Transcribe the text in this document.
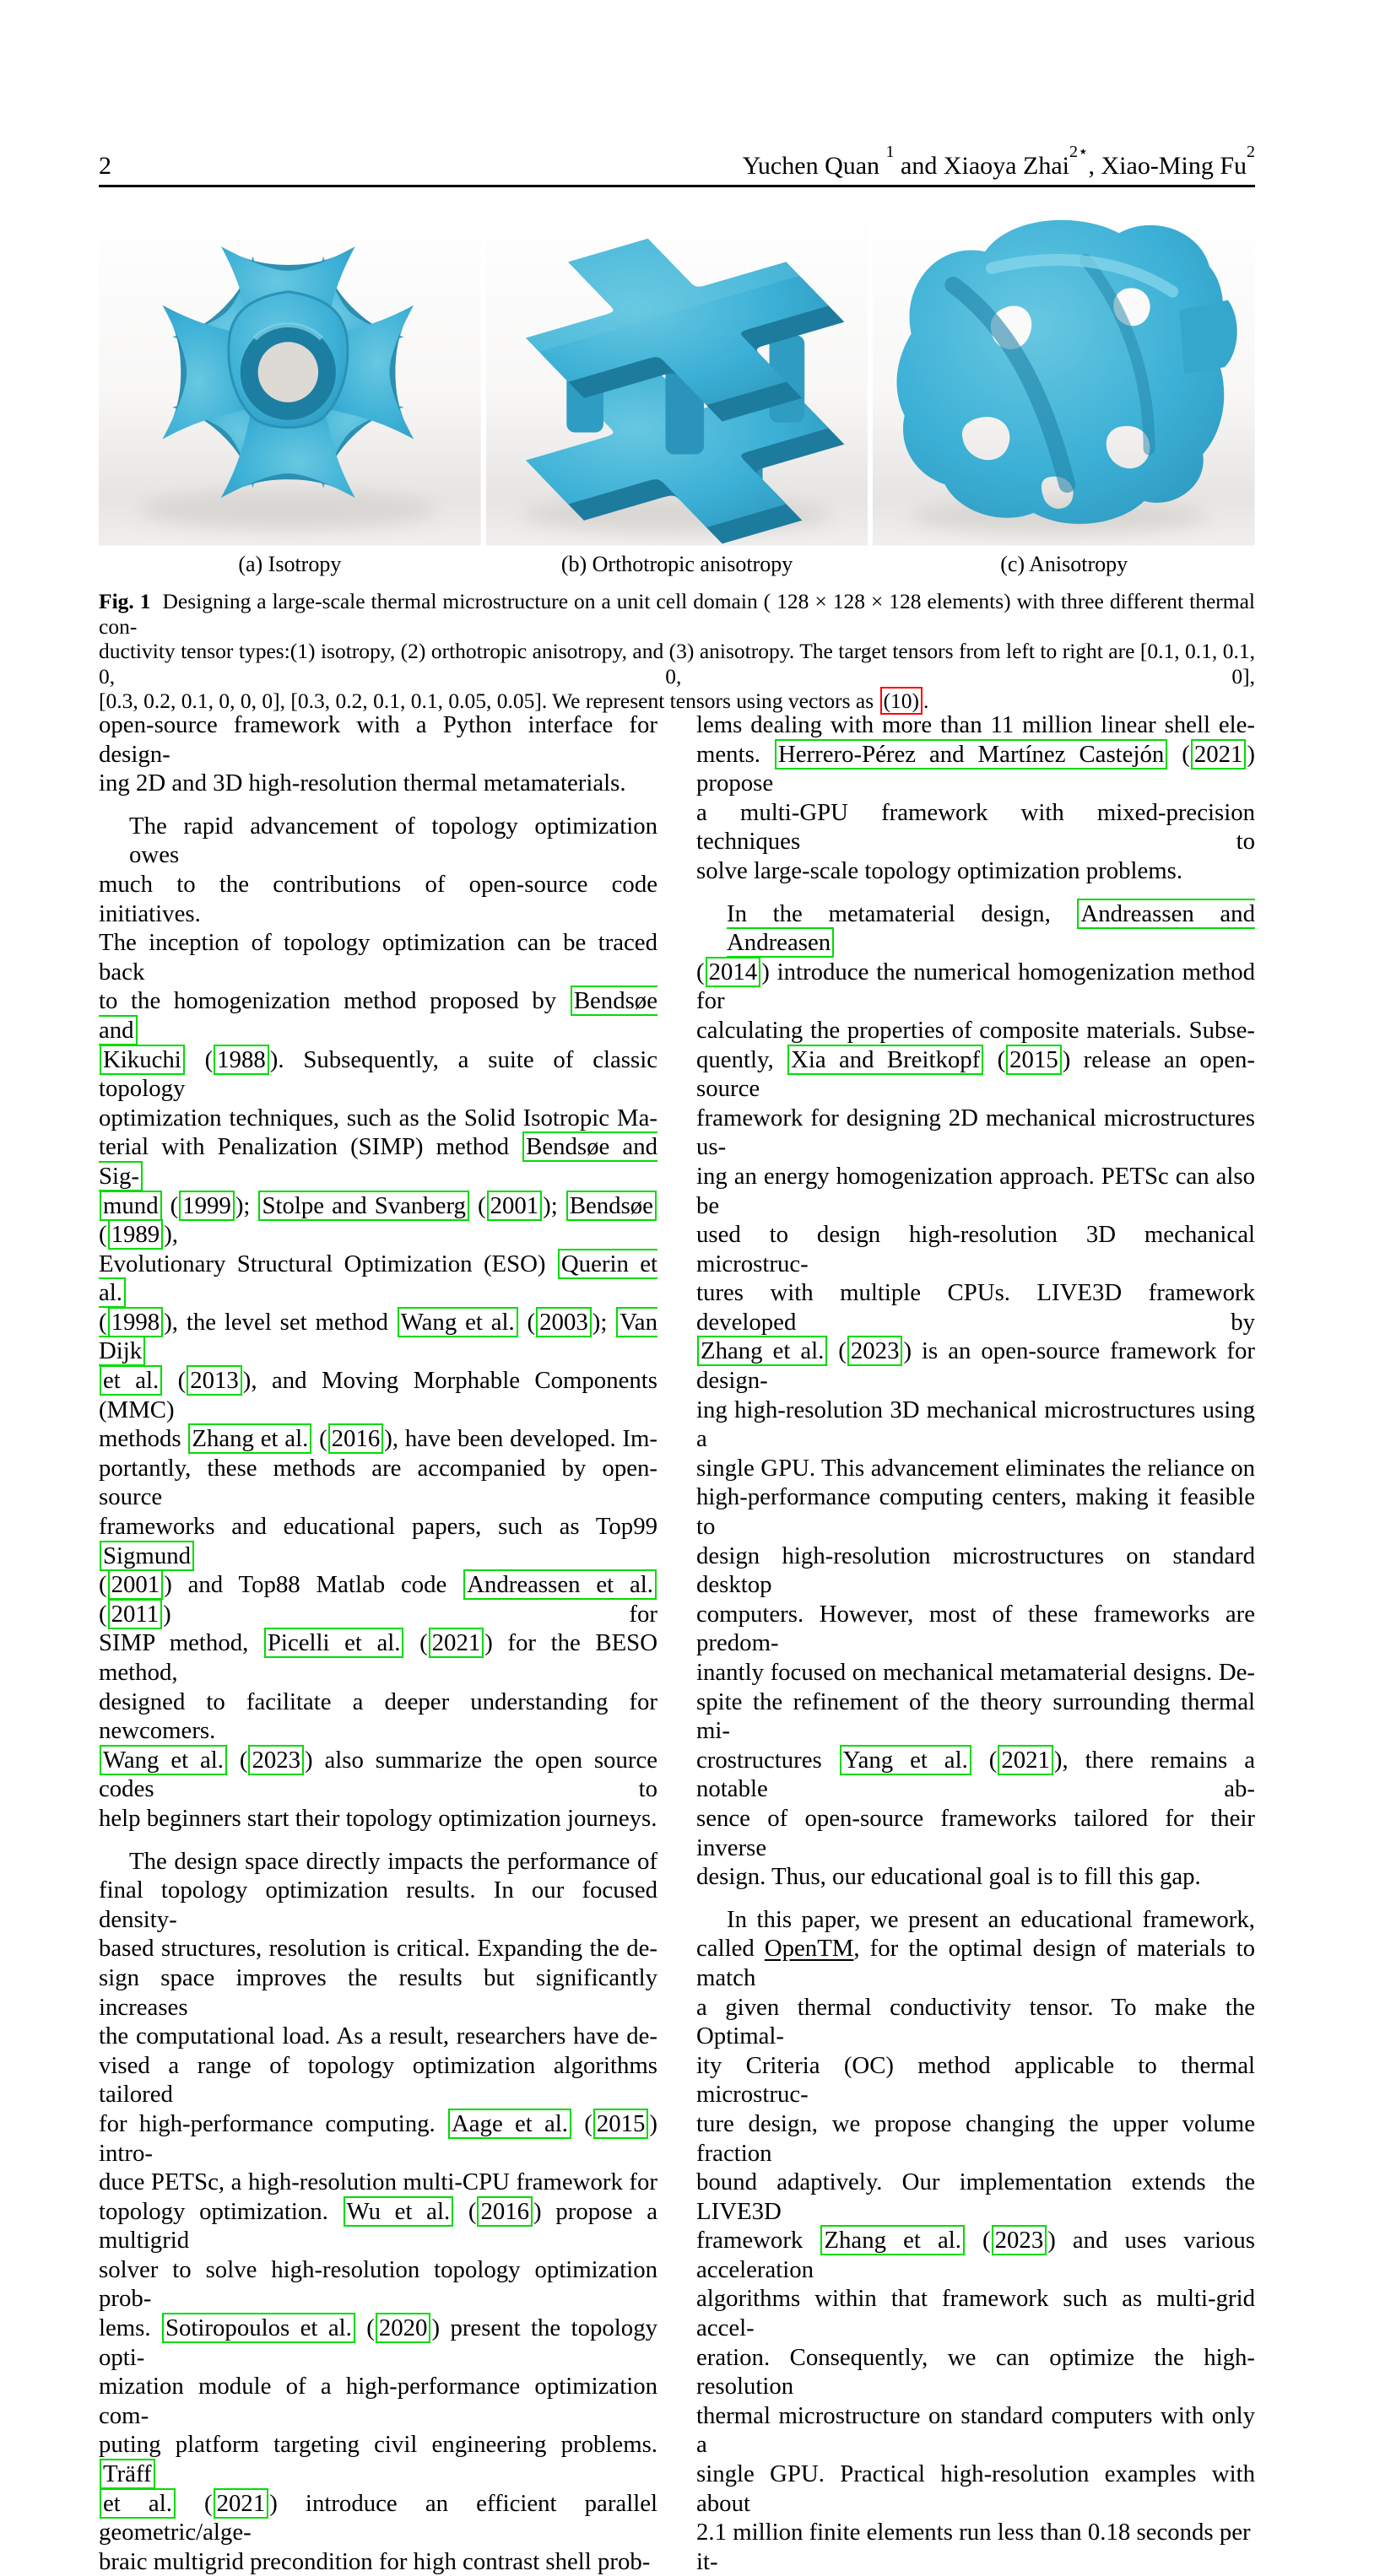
2	Yuchen Quan $^1$ and Xiaoya Zhai$^{2⋆}$, Xiao-Ming Fu$^2$
(a) Isotropy	(b) Orthotropic anisotropy	(c) Anisotropy
Fig. 1 Designing a large-scale thermal microstructure on a unit cell domain ( 128 × 128 × 128 elements) with three different thermal con-
ductivity tensor types:(1) isotropy, (2) orthotropic anisotropy, and (3) anisotropy. The target tensors from left to right are [0.1, 0.1, 0.1, 0, 0, 0],
[0.3, 0.2, 0.1, 0, 0, 0], [0.3, 0.2, 0.1, 0.1, 0.05, 0.05]. We represent tensors using vectors as (10) .
open-source framework with a Python interface for design-
ing 2D and 3D high-resolution thermal metamaterials.
The rapid advancement of topology optimization owes
much to the contributions of open-source code initiatives.
The inception of topology optimization can be traced back
to the homogenization method proposed by Bendsøe and
Kikuchi ( 1988 ). Subsequently, a suite of classic topology
optimization techniques, such as the Solid Isotropic Ma-
terial with Penalization (SIMP) method Bendsøe and Sig-
mund ( 1999 ); Stolpe and Svanberg ( 2001 ); Bendsøe ( 1989 ),
Evolutionary Structural Optimization (ESO) Querin et al.
( 1998 ), the level set method Wang et al. ( 2003 ); Van Dijk
et al. ( 2013 ), and Moving Morphable Components (MMC)
methods Zhang et al. ( 2016 ), have been developed. Im-
portantly, these methods are accompanied by open-source
frameworks and educational papers, such as Top99 Sigmund
( 2001 ) and Top88 Matlab code Andreassen et al. ( 2011 ) for
SIMP method, Picelli et al. ( 2021 ) for the BESO method,
designed to facilitate a deeper understanding for newcomers.
Wang et al. ( 2023 ) also summarize the open source codes to
help beginners start their topology optimization journeys.
The design space directly impacts the performance of
final topology optimization results. In our focused density-
based structures, resolution is critical. Expanding the de-
sign space improves the results but significantly increases
the computational load. As a result, researchers have de-
vised a range of topology optimization algorithms tailored
for high-performance computing. Aage et al. ( 2015 ) intro-
duce PETSc, a high-resolution multi-CPU framework for
topology optimization. Wu et al. ( 2016 ) propose a multigrid
solver to solve high-resolution topology optimization prob-
lems. Sotiropoulos et al. ( 2020 ) present the topology opti-
mization module of a high-performance optimization com-
puting platform targeting civil engineering problems. Träff
et al. ( 2021 ) introduce an efficient parallel geometric/alge-
braic multigrid precondition for high contrast shell prob-
lems dealing with more than 11 million linear shell ele-
ments. Herrero-Pérez and Martínez Castejón ( 2021 ) propose
a multi-GPU framework with mixed-precision techniques to
solve large-scale topology optimization problems.
In the metamaterial design, Andreassen and Andreasen
( 2014 ) introduce the numerical homogenization method for
calculating the properties of composite materials. Subse-
quently, Xia and Breitkopf ( 2015 ) release an open-source
framework for designing 2D mechanical microstructures us-
ing an energy homogenization approach. PETSc can also be
used to design high-resolution 3D mechanical microstruc-
tures with multiple CPUs. LIVE3D framework developed by
Zhang et al. ( 2023 ) is an open-source framework for design-
ing high-resolution 3D mechanical microstructures using a
single GPU. This advancement eliminates the reliance on
high-performance computing centers, making it feasible to
design high-resolution microstructures on standard desktop
computers. However, most of these frameworks are predom-
inantly focused on mechanical metamaterial designs. De-
spite the refinement of the theory surrounding thermal mi-
crostructures Yang et al. ( 2021 ), there remains a notable ab-
sence of open-source frameworks tailored for their inverse
design. Thus, our educational goal is to fill this gap.
In this paper, we present an educational framework,
called OpenTM, for the optimal design of materials to match
a given thermal conductivity tensor. To make the Optimal-
ity Criteria (OC) method applicable to thermal microstruc-
ture design, we propose changing the upper volume fraction
bound adaptively. Our implementation extends the LIVE3D
framework Zhang et al. ( 2023 ) and uses various acceleration
algorithms within that framework such as multi-grid accel-
eration. Consequently, we can optimize the high-resolution
thermal microstructure on standard computers with only a
single GPU. Practical high-resolution examples with about
2.1 million finite elements run less than 0.18 seconds per it-
